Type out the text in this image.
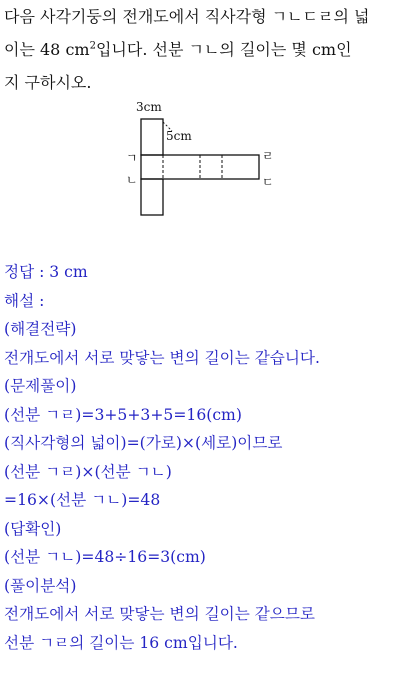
다음 사각기둥의 전개도에서 직사각형 ㄱㄴㄷㄹ의 넓
이는 48 $cm^2$입니다. 선분 ㄱㄴ의 길이는 몇 cm인
지 구하시오.
3cm
5cm
ㄱ
ㄴ
ㄹ
ㄷ
정답 : 3 cm
해설 :
(해결전략)
전개도에서 서로 맞닿는 변의 길이는 같습니다.
(문제풀이)
(선분 ㄱㄹ)=3+5+3+5=16(cm)
(직사각형의 넓이)=(가로)×(세로)이므로
(선분 ㄱㄹ)×(선분 ㄱㄴ)
=16×(선분 ㄱㄴ)=48
(답확인)
(선분 ㄱㄴ)=48÷16=3(cm)
(풀이분석)
전개도에서 서로 맞닿는 변의 길이는 같으므로
선분 ㄱㄹ의 길이는 16 cm입니다.
